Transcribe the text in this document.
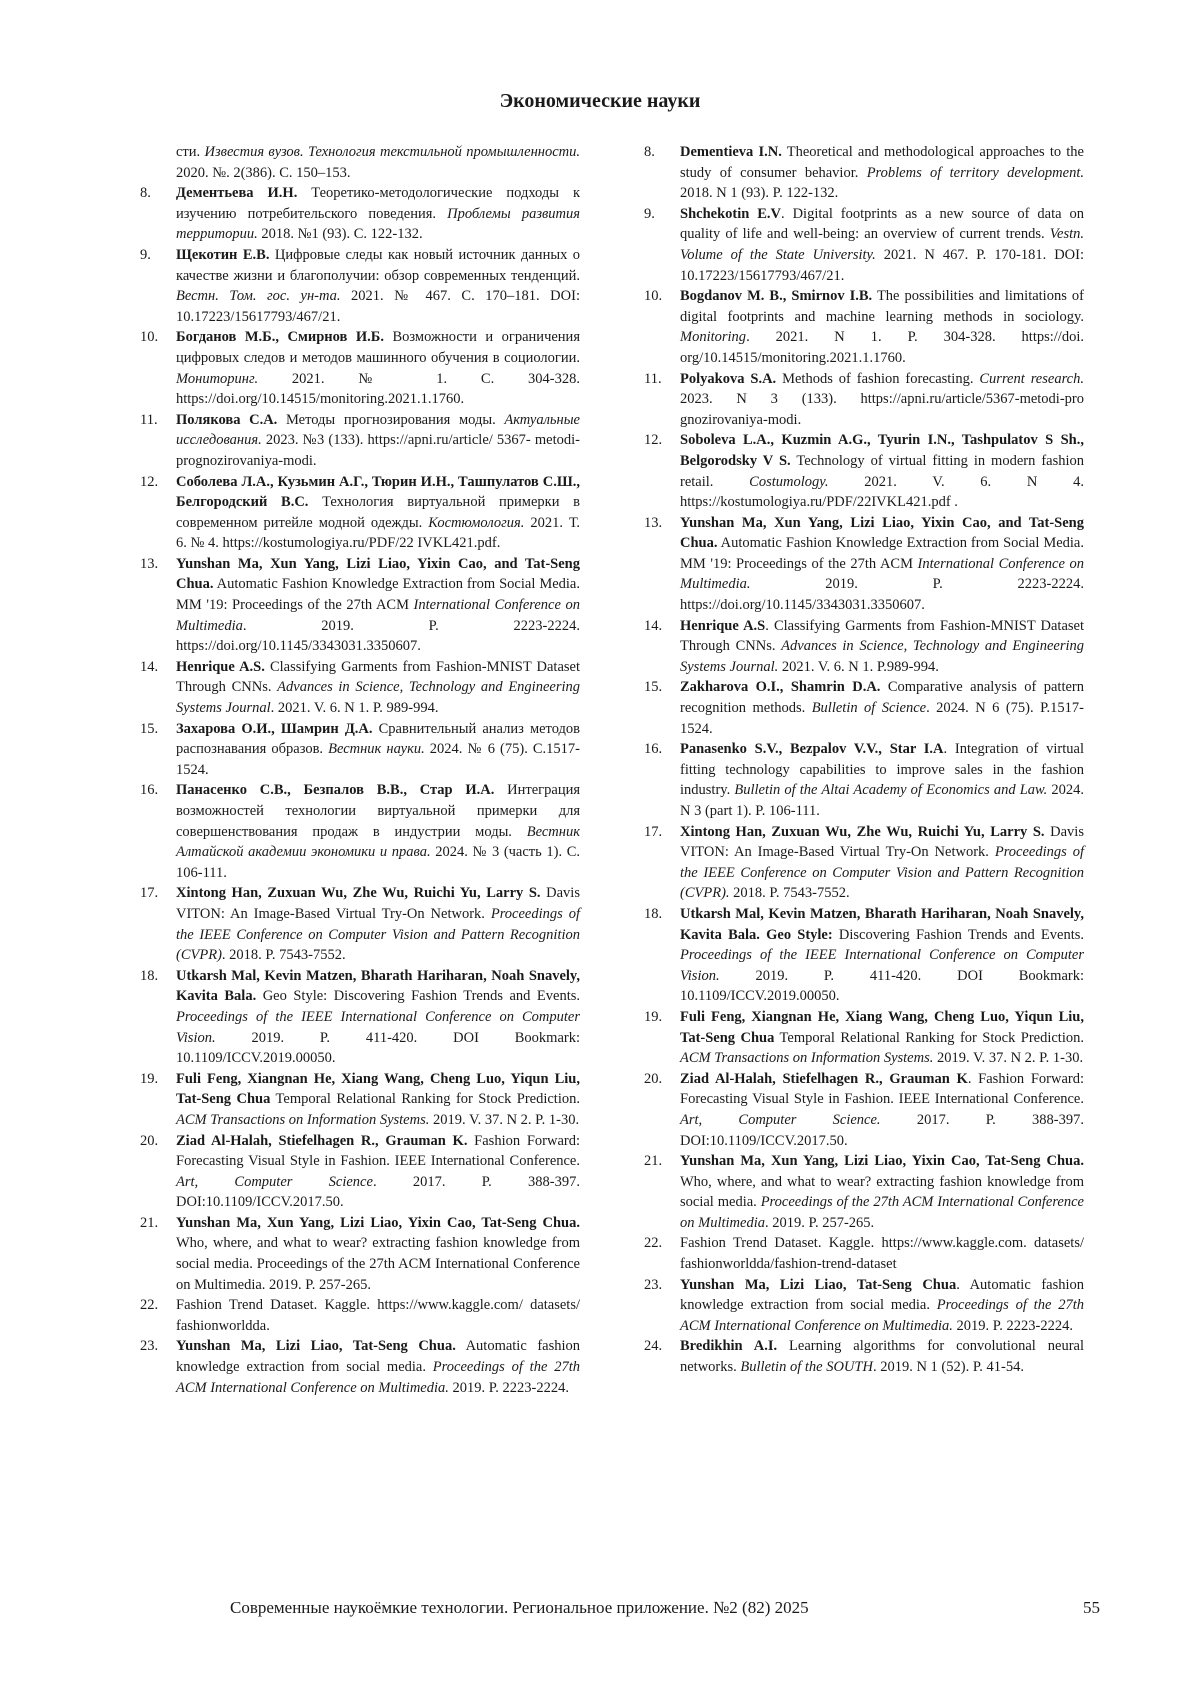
Экономические науки
сти. Известия вузов. Технология текстильной промышленности. 2020. №. 2(386). С. 150–153.
8.	Дементьева И.Н. Теоретико-методологические подходы к изучению потребительского поведения. Проблемы развития территории. 2018. №1 (93). С. 122-132.
9.	Щекотин Е.В. Цифровые следы как новый источник данных о качестве жизни и благополучии: обзор современных тенденций. Вестн. Том. гос. ун-та. 2021. № 467. С. 170–181. DOI: 10.17223/15617793/467/21.
10.	Богданов М.Б., Смирнов И.Б. Возможности и ограничения цифровых следов и методов машинного обучения в социологии. Мониторинг. 2021. № 1. С. 304-328. https://doi.org/10.14515/monitoring.2021.1.1760.
11.	Полякова С.А. Методы прогнозирования моды. Актуальные исследования. 2023. №3 (133). https://apni.ru/article/ 5367- metodi-prognozirovaniya-modi.
12.	Соболева Л.А., Кузьмин А.Г., Тюрин И.Н., Ташпулатов С.Ш., Белгородский В.С. Технология виртуальной примерки в современном ритейле модной одежды. Костюмология. 2021. Т. 6. № 4. https://kostumologiya.ru/PDF/22 IVKL421.pdf.
13.	Yunshan Ma, Xun Yang, Lizi Liao, Yixin Cao, and Tat-Seng Chua. Automatic Fashion Knowledge Extraction from Social Media. MM '19: Proceedings of the 27th ACM International Conference on Multimedia. 2019. P. 2223-2224. https://doi.org/10.1145/3343031.3350607.
14.	Henrique A.S. Classifying Garments from Fashion-MNIST Dataset Through CNNs. Advances in Science, Technology and Engineering Systems Journal. 2021. V. 6. N 1. P. 989-994.
15.	Захарова О.И., Шамрин Д.А. Сравнительный анализ методов распознавания образов. Вестник науки. 2024. № 6 (75). С.1517-1524.
16.	Панасенко С.В., Безпалов В.В., Стар И.А. Интеграция возможностей технологии виртуальной примерки для совершенствования продаж в индустрии моды. Вестник Алтайской академии экономики и права. 2024. № 3 (часть 1). С. 106-111.
17.	Xintong Han, Zuxuan Wu, Zhe Wu, Ruichi Yu, Larry S. Davis VITON: An Image-Based Virtual Try-On Network. Proceedings of the IEEE Conference on Computer Vision and Pattern Recognition (CVPR). 2018. P. 7543-7552.
18.	Utkarsh Mal, Kevin Matzen, Bharath Hariharan, Noah Snavely, Kavita Bala. Geo Style: Discovering Fashion Trends and Events. Proceedings of the IEEE International Conference on Computer Vision. 2019. P. 411-420. DOI Bookmark: 10.1109/ICCV.2019.00050.
19.	Fuli Feng, Xiangnan He, Xiang Wang, Cheng Luo, Yiqun Liu, Tat-Seng Chua Temporal Relational Ranking for Stock Prediction. ACM Transactions on Information Systems. 2019. V. 37. N 2. P. 1-30.
20.	Ziad Al-Halah, Stiefelhagen R., Grauman K. Fashion Forward: Forecasting Visual Style in Fashion. IEEE International Conference. Art, Computer Science. 2017. P. 388-397. DOI:10.1109/ICCV.2017.50.
21.	Yunshan Ma, Xun Yang, Lizi Liao, Yixin Cao, Tat-Seng Chua. Who, where, and what to wear? extracting fashion knowledge from social media. Proceedings of the 27th ACM International Conference on Multimedia. 2019. P. 257-265.
22.	Fashion Trend Dataset. Kaggle. https://www.kaggle.com/ datasets/ fashionworldda.
23.	Yunshan Ma, Lizi Liao, Tat-Seng Chua. Automatic fashion knowledge extraction from social media. Proceedings of the 27th ACM International Conference on Multimedia. 2019. P. 2223-2224.
8.	Dementieva I.N. Theoretical and methodological approaches to the study of consumer behavior. Problems of territory development. 2018. N 1 (93). P. 122-132.
9.	Shchekotin E.V. Digital footprints as a new source of data on quality of life and well-being: an overview of current trends. Vestn. Volume of the State University. 2021. N 467. P. 170-181. DOI: 10.17223/15617793/467/21.
10.	Bogdanov M. B., Smirnov I.B. The possibilities and limitations of digital footprints and machine learning methods in sociology. Monitoring. 2021. N 1. P. 304-328. https://doi. org/10.14515/monitoring.2021.1.1760.
11.	Polyakova S.A. Methods of fashion forecasting. Current research. 2023. N 3 (133). https://apni.ru/article/5367-metodi-pro gnozirovaniya-modi.
12.	Soboleva L.A., Kuzmin A.G., Tyurin I.N., Tashpulatov S Sh., Belgorodsky V S. Technology of virtual fitting in modern fashion retail. Costumology. 2021. V. 6. N 4. https://kostumologiya.ru/PDF/22IVKL421.pdf .
13.	Yunshan Ma, Xun Yang, Lizi Liao, Yixin Cao, and Tat-Seng Chua. Automatic Fashion Knowledge Extraction from Social Media. MM '19: Proceedings of the 27th ACM International Conference on Multimedia. 2019. P. 2223-2224. https://doi.org/10.1145/3343031.3350607.
14.	Henrique A.S. Classifying Garments from Fashion-MNIST Dataset Through CNNs. Advances in Science, Technology and Engineering Systems Journal. 2021. V. 6. N 1. P.989-994.
15.	Zakharova O.I., Shamrin D.A. Comparative analysis of pattern recognition methods. Bulletin of Science. 2024. N 6 (75). P.1517-1524.
16.	Panasenko S.V., Bezpalov V.V., Star I.A. Integration of virtual fitting technology capabilities to improve sales in the fashion industry. Bulletin of the Altai Academy of Economics and Law. 2024. N 3 (part 1). P. 106-111.
17.	Xintong Han, Zuxuan Wu, Zhe Wu, Ruichi Yu, Larry S. Davis VITON: An Image-Based Virtual Try-On Network. Proceedings of the IEEE Conference on Computer Vision and Pattern Recognition (CVPR). 2018. P. 7543-7552.
18.	Utkarsh Mal, Kevin Matzen, Bharath Hariharan, Noah Snavely, Kavita Bala. Geo Style: Discovering Fashion Trends and Events. Proceedings of the IEEE International Conference on Computer Vision. 2019. P. 411-420. DOI Bookmark: 10.1109/ICCV.2019.00050.
19.	Fuli Feng, Xiangnan He, Xiang Wang, Cheng Luo, Yiqun Liu, Tat-Seng Chua Temporal Relational Ranking for Stock Prediction. ACM Transactions on Information Systems. 2019. V. 37. N 2. P. 1-30.
20.	Ziad Al-Halah, Stiefelhagen R., Grauman K. Fashion Forward: Forecasting Visual Style in Fashion. IEEE International Conference. Art, Computer Science. 2017. P. 388-397. DOI:10.1109/ICCV.2017.50.
21.	Yunshan Ma, Xun Yang, Lizi Liao, Yixin Cao, Tat-Seng Chua. Who, where, and what to wear? extracting fashion knowledge from social media. Proceedings of the 27th ACM International Conference on Multimedia. 2019. P. 257-265.
22.	Fashion Trend Dataset. Kaggle. https://www.kaggle.com. datasets/ fashionworldda/fashion-trend-dataset
23.	Yunshan Ma, Lizi Liao, Tat-Seng Chua. Automatic fashion knowledge extraction from social media. Proceedings of the 27th ACM International Conference on Multimedia. 2019. P. 2223-2224.
24.	Bredikhin A.I. Learning algorithms for convolutional neural networks. Bulletin of the SOUTH. 2019. N 1 (52). P. 41-54.
Современные наукоёмкие технологии. Региональное приложение. №2 (82) 2025	55
